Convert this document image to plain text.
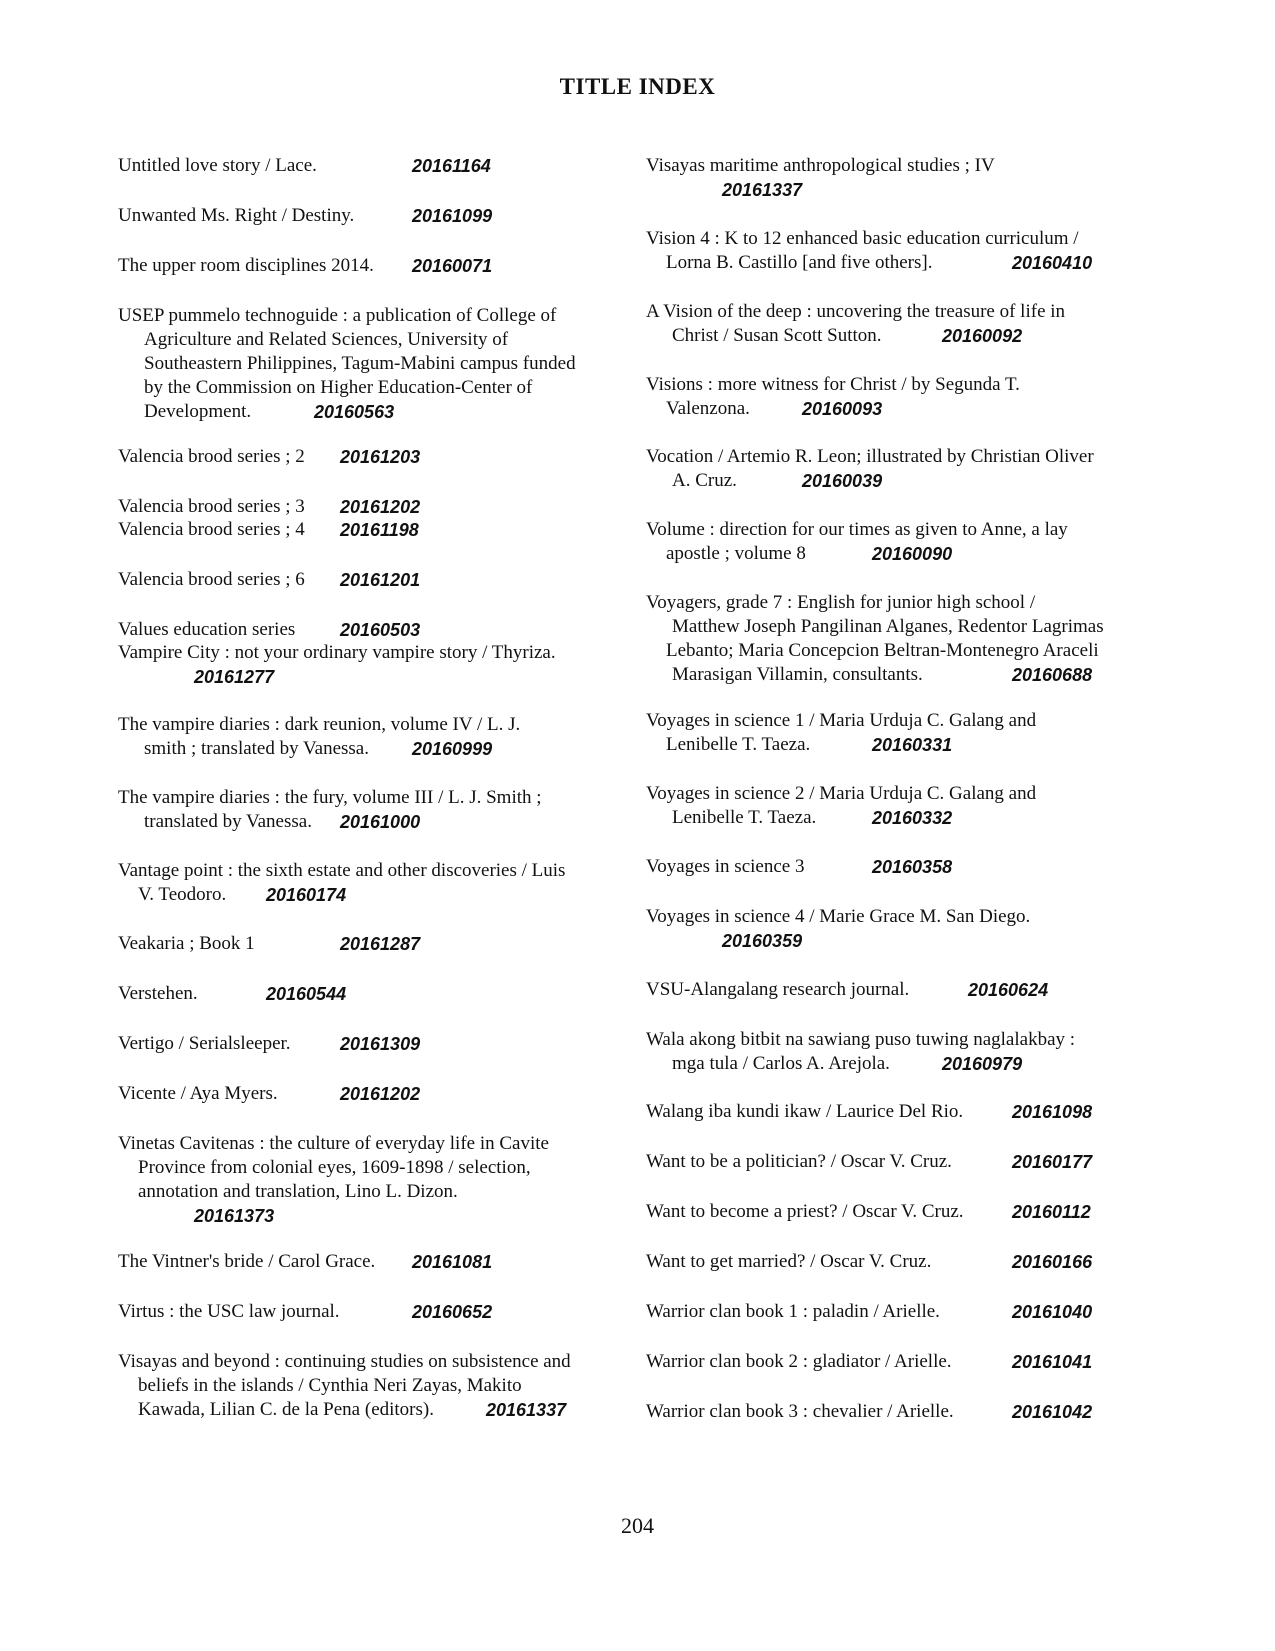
TITLE INDEX
Untitled love story / Lace.	20161164
Unwanted Ms. Right / Destiny.	20161099
The upper room disciplines 2014. 20160071
USEP pummelo technoguide : a publication of College of
Agriculture and Related Sciences, University of
Southeastern Philippines, Tagum-Mabini campus funded
by the Commission on Higher Education-Center of
Development.	20160563
Valencia brood series ; 2 20161203
Valencia brood series ; 3 20161202
Valencia brood series ; 4 20161198
Valencia brood series ; 6 20161201
Values education series 20160503
Vampire City : not your ordinary vampire story / Thyriza.
20161277
The vampire diaries : dark reunion, volume IV / L. J.
smith ; translated by Vanessa. 20160999
The vampire diaries : the fury, volume III / L. J. Smith ;
translated by Vanessa. 20161000
Vantage point : the sixth estate and other discoveries / Luis
V. Teodoro. 20160174
Veakaria ; Book 1	20161287
Verstehen.	20160544
Vertigo / Serialsleeper.	20161309
Vicente / Aya Myers.	20161202
Vinetas Cavitenas : the culture of everyday life in Cavite
Province from colonial eyes, 1609-1898 / selection,
annotation and translation, Lino L. Dizon.
20161373
The Vintner's bride / Carol Grace. 20161081
Virtus : the USC law journal.	20160652
Visayas and beyond : continuing studies on subsistence and
beliefs in the islands / Cynthia Neri Zayas, Makito
Kawada, Lilian C. de la Pena (editors).	20161337
Visayas maritime anthropological studies ; IV
20161337
Vision 4 : K to 12 enhanced basic education curriculum /
Lorna B. Castillo [and five others].	20160410
A Vision of the deep : uncovering the treasure of life in
Christ / Susan Scott Sutton.	20160092
Visions : more witness for Christ / by Segunda T.
Valenzona.	20160093
Vocation / Artemio R. Leon; illustrated by Christian Oliver
A. Cruz.	20160039
Volume : direction for our times as given to Anne, a lay
apostle ; volume 8	20160090
Voyagers, grade 7 : English for junior high school /
Matthew Joseph Pangilinan Alganes, Redentor Lagrimas
Lebanto; Maria Concepcion Beltran-Montenegro Araceli
Marasigan Villamin, consultants.	20160688
Voyages in science 1 / Maria Urduja C. Galang and
Lenibelle T. Taeza.	20160331
Voyages in science 2 / Maria Urduja C. Galang and
Lenibelle T. Taeza.	20160332
Voyages in science 3	20160358
Voyages in science 4 / Marie Grace M. San Diego.
20160359
VSU-Alangalang research journal.	20160624
Wala akong bitbit na sawiang puso tuwing naglalakbay :
mga tula / Carlos A. Arejola.	20160979
Walang iba kundi ikaw / Laurice Del Rio.	20161098
Want to be a politician? / Oscar V. Cruz.	20160177
Want to become a priest? / Oscar V. Cruz.	20160112
Want to get married? / Oscar V. Cruz.	20160166
Warrior clan book 1 : paladin / Arielle.	20161040
Warrior clan book 2 : gladiator / Arielle.	20161041
Warrior clan book 3 : chevalier / Arielle.	20161042
204
